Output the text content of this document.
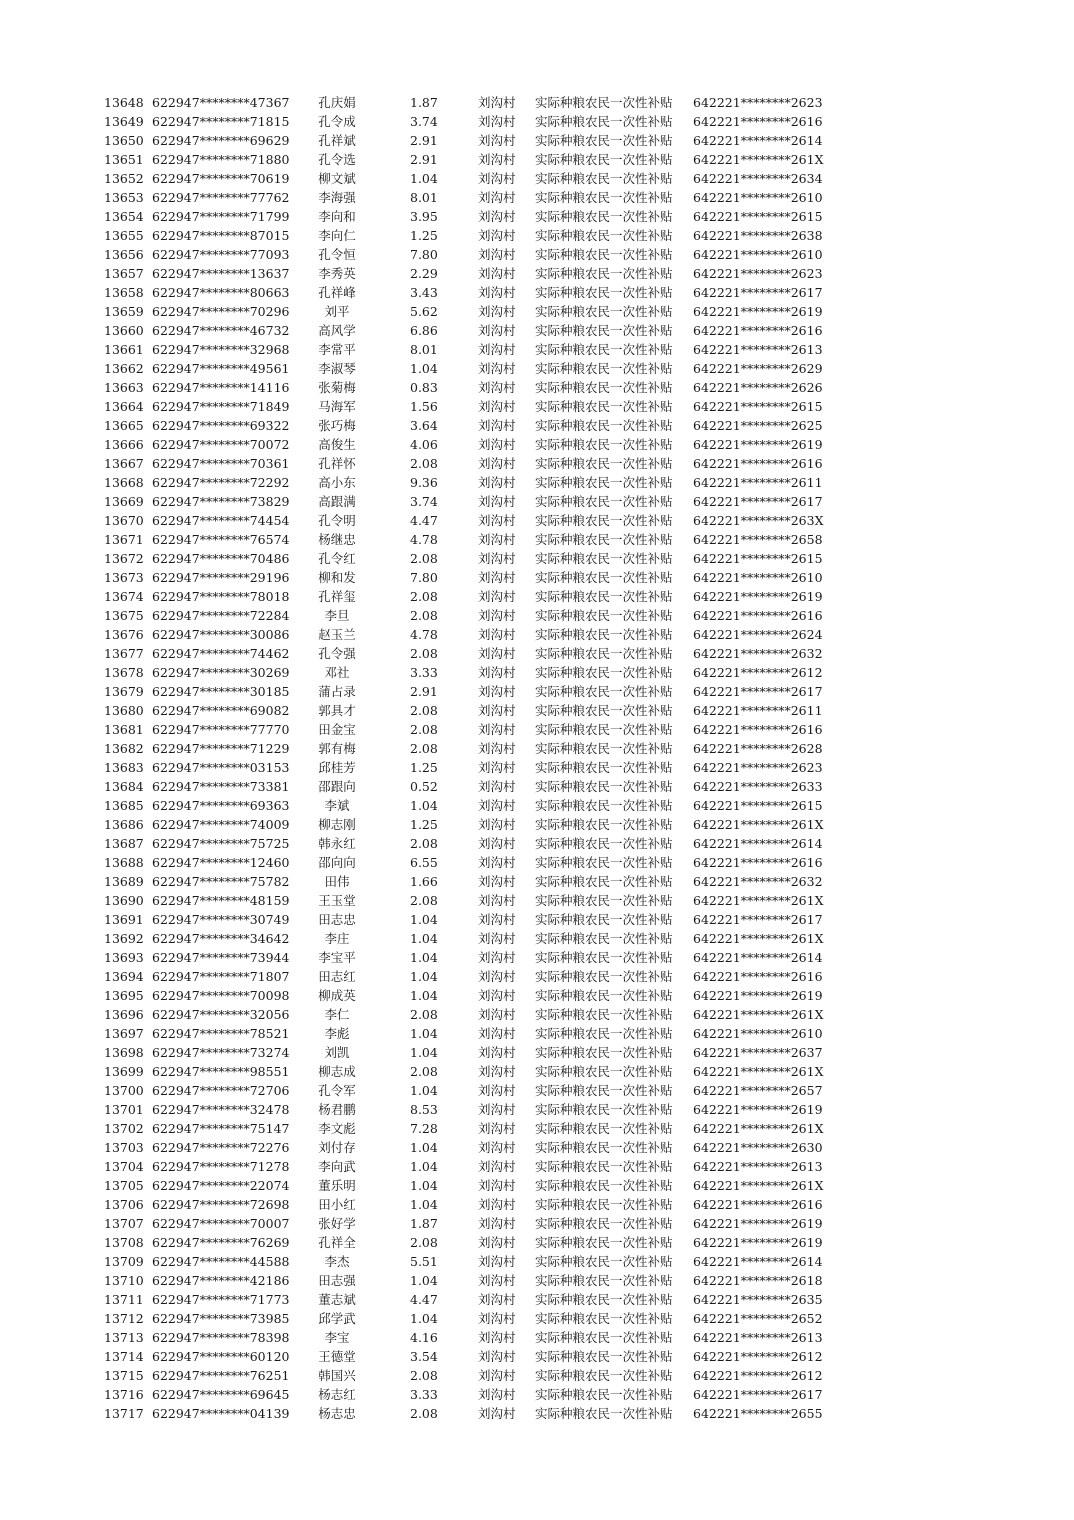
13648 622947********47367	孔庆娟	1.87	刘沟村 实际种粮农民一次性补贴 642221********2623
13649 622947********71815	孔令成	3.74	刘沟村 实际种粮农民一次性补贴 642221********2616
13650 622947********69629	孔祥斌	2.91	刘沟村 实际种粮农民一次性补贴 642221********2614
13651 622947********71880	孔令选	2.91	刘沟村 实际种粮农民一次性补贴 642221********261X
13652 622947********70619	柳文斌	1.04	刘沟村 实际种粮农民一次性补贴 642221********2634
13653 622947********77762	李海强	8.01	刘沟村 实际种粮农民一次性补贴 642221********2610
13654 622947********71799	李向和	3.95	刘沟村 实际种粮农民一次性补贴 642221********2615
13655 622947********87015	李向仁	1.25	刘沟村 实际种粮农民一次性补贴 642221********2638
13656 622947********77093	孔令恒	7.80	刘沟村 实际种粮农民一次性补贴 642221********2610
13657 622947********13637	李秀英	2.29	刘沟村 实际种粮农民一次性补贴 642221********2623
13658 622947********80663	孔祥峰	3.43	刘沟村 实际种粮农民一次性补贴 642221********2617
13659 622947********70296	刘平	5.62	刘沟村 实际种粮农民一次性补贴 642221********2619
13660 622947********46732	高风学	6.86	刘沟村 实际种粮农民一次性补贴 642221********2616
13661 622947********32968	李常平	8.01	刘沟村 实际种粮农民一次性补贴 642221********2613
13662 622947********49561	李淑琴	1.04	刘沟村 实际种粮农民一次性补贴 642221********2629
13663 622947********14116	张菊梅	0.83	刘沟村 实际种粮农民一次性补贴 642221********2626
13664 622947********71849	马海军	1.56	刘沟村 实际种粮农民一次性补贴 642221********2615
13665 622947********69322	张巧梅	3.64	刘沟村 实际种粮农民一次性补贴 642221********2625
13666 622947********70072	高俊生	4.06	刘沟村 实际种粮农民一次性补贴 642221********2619
13667 622947********70361	孔祥怀	2.08	刘沟村 实际种粮农民一次性补贴 642221********2616
13668 622947********72292	高小东	9.36	刘沟村 实际种粮农民一次性补贴 642221********2611
13669 622947********73829	高跟满	3.74	刘沟村 实际种粮农民一次性补贴 642221********2617
13670 622947********74454	孔令明	4.47	刘沟村 实际种粮农民一次性补贴 642221********263X
13671 622947********76574	杨继忠	4.78	刘沟村 实际种粮农民一次性补贴 642221********2658
13672 622947********70486	孔令红	2.08	刘沟村 实际种粮农民一次性补贴 642221********2615
13673 622947********29196	柳和发	7.80	刘沟村 实际种粮农民一次性补贴 642221********2610
13674 622947********78018	孔祥玺	2.08	刘沟村 实际种粮农民一次性补贴 642221********2619
13675 622947********72284	李旦	2.08	刘沟村 实际种粮农民一次性补贴 642221********2616
13676 622947********30086	赵玉兰	4.78	刘沟村 实际种粮农民一次性补贴 642221********2624
13677 622947********74462	孔令强	2.08	刘沟村 实际种粮农民一次性补贴 642221********2632
13678 622947********30269	邓社	3.33	刘沟村 实际种粮农民一次性补贴 642221********2612
13679 622947********30185	蒲占录	2.91	刘沟村 实际种粮农民一次性补贴 642221********2617
13680 622947********69082	郭具才	2.08	刘沟村 实际种粮农民一次性补贴 642221********2611
13681 622947********77770	田金宝	2.08	刘沟村 实际种粮农民一次性补贴 642221********2616
13682 622947********71229	郭有梅	2.08	刘沟村 实际种粮农民一次性补贴 642221********2628
13683 622947********03153	邱桂芳	1.25	刘沟村 实际种粮农民一次性补贴 642221********2623
13684 622947********73381	邵跟向	0.52	刘沟村 实际种粮农民一次性补贴 642221********2633
13685 622947********69363	李斌	1.04	刘沟村 实际种粮农民一次性补贴 642221********2615
13686 622947********74009	柳志刚	1.25	刘沟村 实际种粮农民一次性补贴 642221********261X
13687 622947********75725	韩永红	2.08	刘沟村 实际种粮农民一次性补贴 642221********2614
13688 622947********12460	邵向向	6.55	刘沟村 实际种粮农民一次性补贴 642221********2616
13689 622947********75782	田伟	1.66	刘沟村 实际种粮农民一次性补贴 642221********2632
13690 622947********48159	王玉堂	2.08	刘沟村 实际种粮农民一次性补贴 642221********261X
13691 622947********30749	田志忠	1.04	刘沟村 实际种粮农民一次性补贴 642221********2617
13692 622947********34642	李庄	1.04	刘沟村 实际种粮农民一次性补贴 642221********261X
13693 622947********73944	李宝平	1.04	刘沟村 实际种粮农民一次性补贴 642221********2614
13694 622947********71807	田志红	1.04	刘沟村 实际种粮农民一次性补贴 642221********2616
13695 622947********70098	柳成英	1.04	刘沟村 实际种粮农民一次性补贴 642221********2619
13696 622947********32056	李仁	2.08	刘沟村 实际种粮农民一次性补贴 642221********261X
13697 622947********78521	李彪	1.04	刘沟村 实际种粮农民一次性补贴 642221********2610
13698 622947********73274	刘凯	1.04	刘沟村 实际种粮农民一次性补贴 642221********2637
13699 622947********98551	柳志成	2.08	刘沟村 实际种粮农民一次性补贴 642221********261X
13700 622947********72706	孔令军	1.04	刘沟村 实际种粮农民一次性补贴 642221********2657
13701 622947********32478	杨君鹏	8.53	刘沟村 实际种粮农民一次性补贴 642221********2619
13702 622947********75147	李文彪	7.28	刘沟村 实际种粮农民一次性补贴 642221********261X
13703 622947********72276	刘付存	1.04	刘沟村 实际种粮农民一次性补贴 642221********2630
13704 622947********71278	李向武	1.04	刘沟村 实际种粮农民一次性补贴 642221********2613
13705 622947********22074	董乐明	1.04	刘沟村 实际种粮农民一次性补贴 642221********261X
13706 622947********72698	田小红	1.04	刘沟村 实际种粮农民一次性补贴 642221********2616
13707 622947********70007	张好学	1.87	刘沟村 实际种粮农民一次性补贴 642221********2619
13708 622947********76269	孔祥全	2.08	刘沟村 实际种粮农民一次性补贴 642221********2619
13709 622947********44588	李杰	5.51	刘沟村 实际种粮农民一次性补贴 642221********2614
13710 622947********42186	田志强	1.04	刘沟村 实际种粮农民一次性补贴 642221********2618
13711 622947********71773	董志斌	4.47	刘沟村 实际种粮农民一次性补贴 642221********2635
13712 622947********73985	邱学武	1.04	刘沟村 实际种粮农民一次性补贴 642221********2652
13713 622947********78398	李宝	4.16	刘沟村 实际种粮农民一次性补贴 642221********2613
13714 622947********60120	王德堂	3.54	刘沟村 实际种粮农民一次性补贴 642221********2612
13715 622947********76251	韩国兴	2.08	刘沟村 实际种粮农民一次性补贴 642221********2612
13716 622947********69645	杨志红	3.33	刘沟村 实际种粮农民一次性补贴 642221********2617
13717 622947********04139	杨志忠	2.08	刘沟村 实际种粮农民一次性补贴 642221********2655
